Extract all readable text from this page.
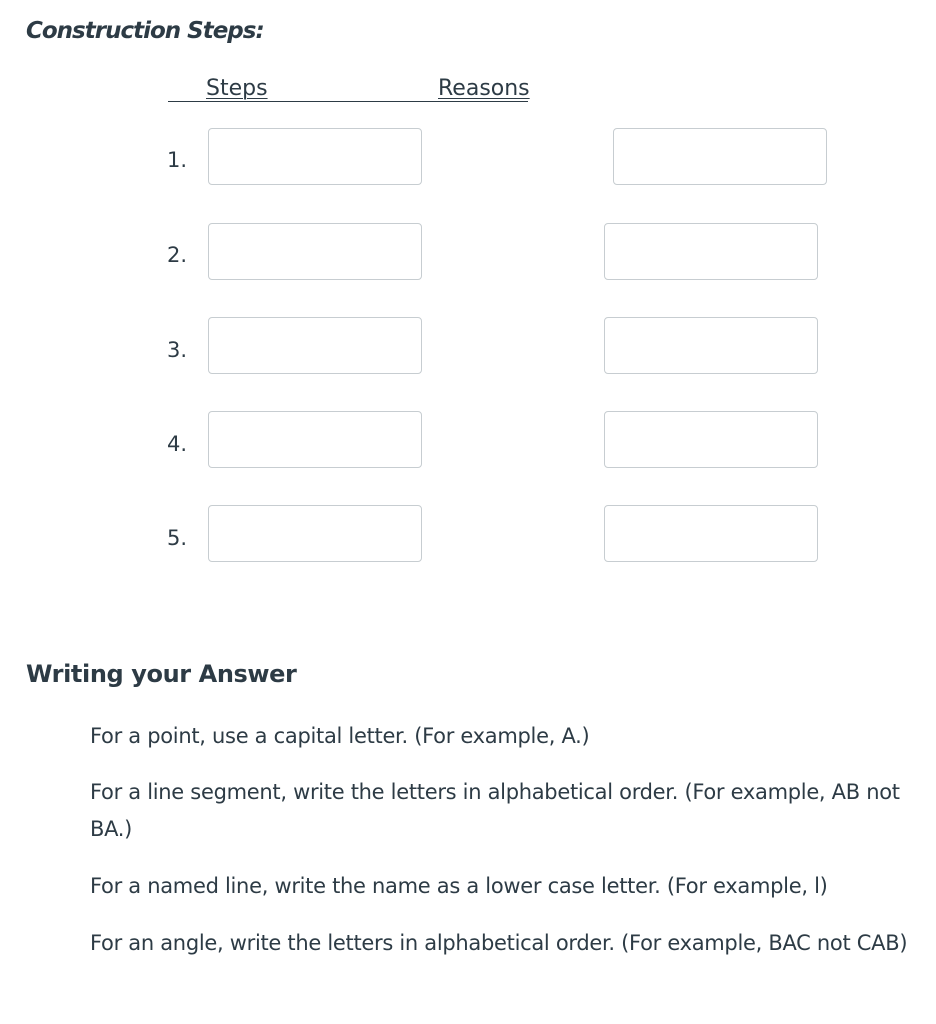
Construction Steps:
Steps	Reasons
1.
2.
3.
4.
5.
Writing your Answer
For a point, use a capital letter. (For example, A.)
For a line segment, write the letters in alphabetical order. (For example, AB not BA.)
For a named line, write the name as a lower case letter. (For example, l)
For an angle, write the letters in alphabetical order. (For example, BAC not CAB)
